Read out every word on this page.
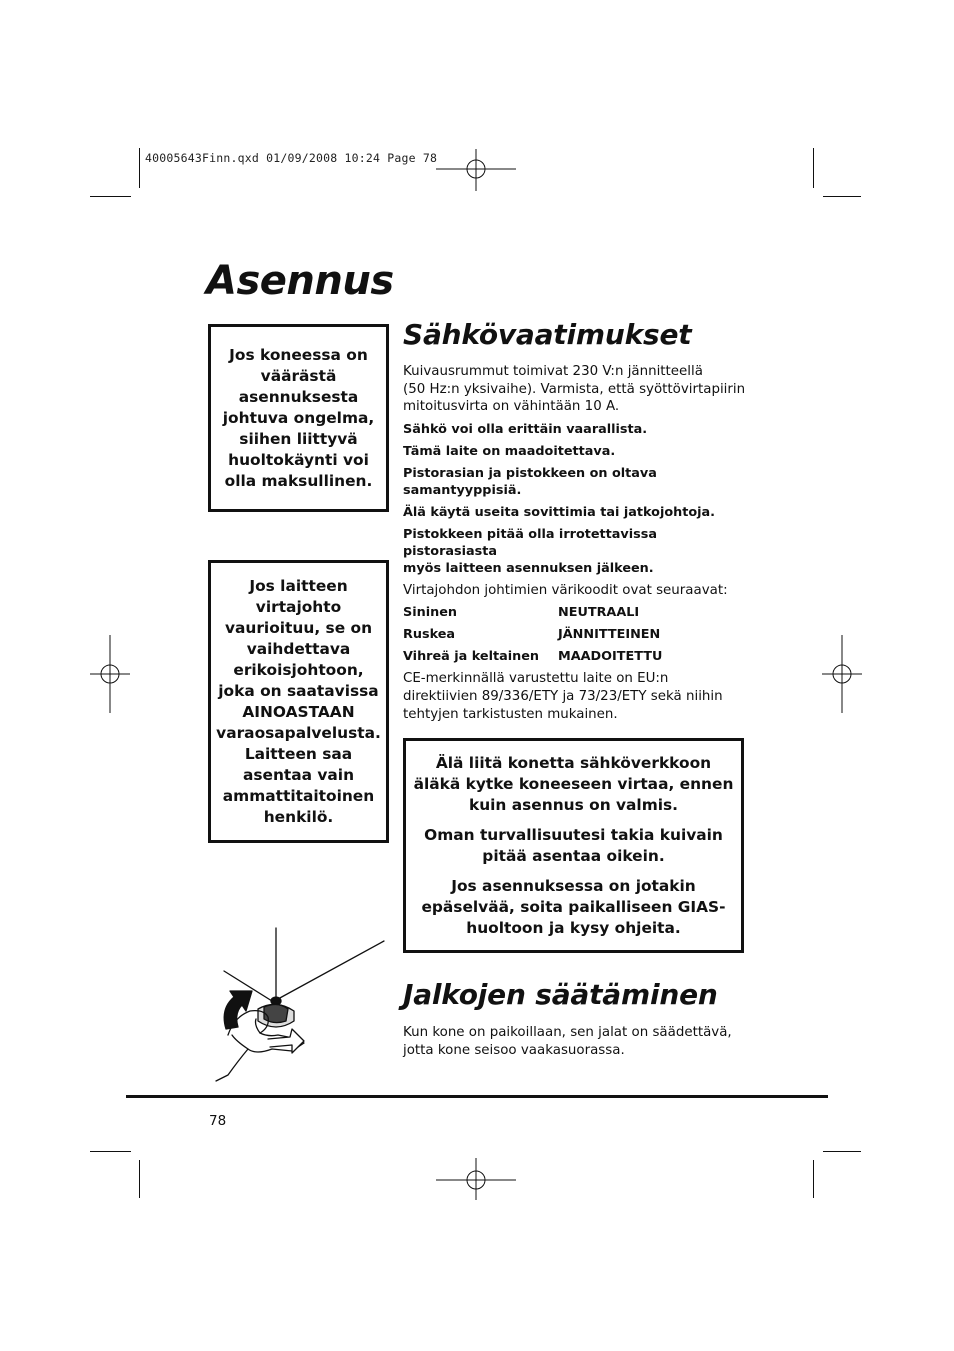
40005643Finn.qxd 01/09/2008 10:24 Page 78
Asennus

Jos koneessa on
väärästä
asennuksesta
johtuva ongelma,
siihen liittyvä
huoltokäynti voi
olla maksullinen.

Jos laitteen
virtajohto
vaurioituu, se on
vaihdettava
erikoisjohtoon,
joka on saatavissa
AINOASTAAN
varaosapalvelusta.
Laitteen saa
asentaa vain
ammattitaitoinen
henkilö.

Sähkövaatimukset

Kuivausrummut toimivat 230 V:n jännitteellä
(50 Hz:n yksivaihe). Varmista, että syöttövirtapiirin
mitoitusvirta on vähintään 10 A.

Sähkö voi olla erittäin vaarallista.

Tämä laite on maadoitettava.

Pistorasian ja pistokkeen on oltava
samantyyppisiä.

Älä käytä useita sovittimia tai jatkojohtoja.

Pistokkeen pitää olla irrotettavissa pistorasiasta
myös laitteen asennuksen jälkeen.

Virtajohdon johtimien värikoodit ovat seuraavat:

Sininen	NEUTRAALI
Ruskea	JÄNNITTEINEN
Vihreä ja keltainen	MAADOITETTU

CE-merkinnällä varustettu laite on EU:n
direktiivien 89/336/ETY ja 73/23/ETY sekä niihin
tehtyjen tarkistusten mukainen.

Älä liitä konetta sähköverkkoon
äläkä kytke koneeseen virtaa, ennen
kuin asennus on valmis.

Oman turvallisuutesi takia kuivain
pitää asentaa oikein.

Jos asennuksessa on jotakin
epäselvää, soita paikalliseen GIAS-
huoltoon ja kysy ohjeita.

Jalkojen säätäminen

Kun kone on paikoillaan, sen jalat on säädettävä,
jotta kone seisoo vaakasuorassa.

78
